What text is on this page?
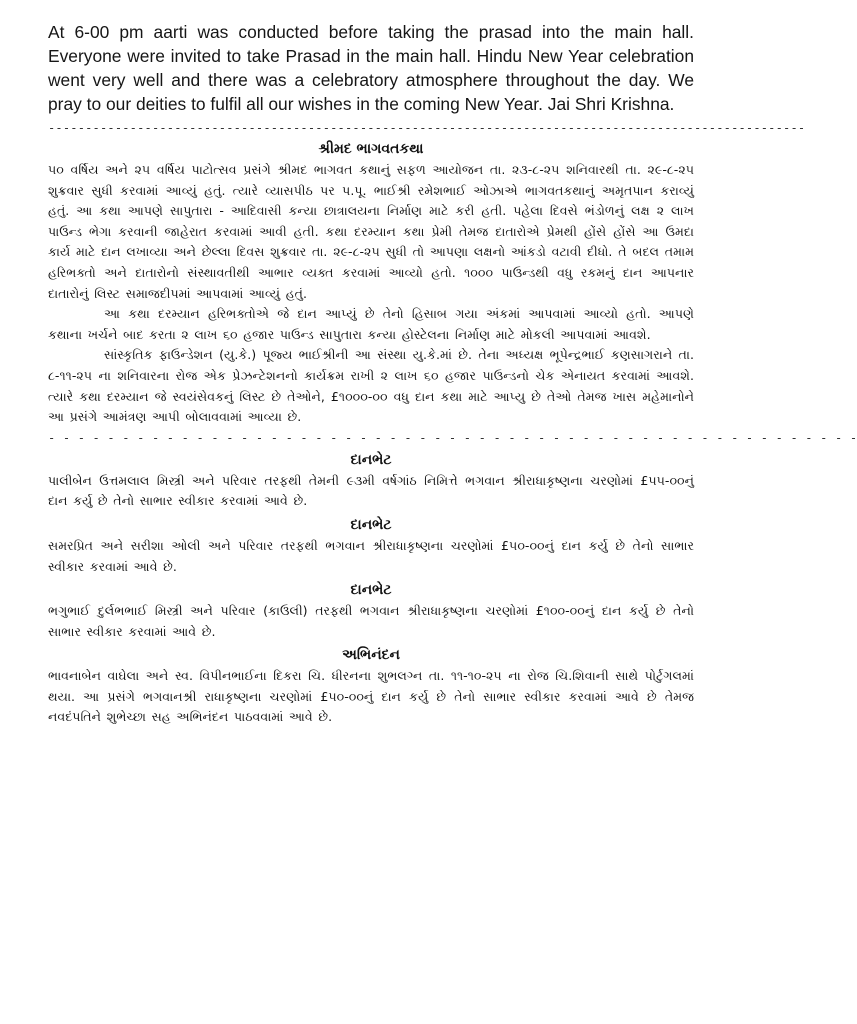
At 6-00 pm aarti was conducted before taking the prasad into the main hall. Everyone were invited to take Prasad in the main hall. Hindu New Year celebration went very well and there was a celebratory atmosphere throughout the day. We pray to our deities to fulfil all our wishes in the coming New Year. Jai Shri Krishna.
------------------------------------------------------------------------------------------------------
શ્રીમદ ભાગવતકથા

૫૦ વર્ષિય અને ૨૫ વર્ષિય પાટોત્સવ પ્રસંગે શ્રીમદ ભાગવત કથાનું સફળ આયોજન તા. ૨૩-૮-૨૫ શનિવારથી તા. ૨૯-૮-૨૫ શુક્રવાર સુધી કરવામાં આવ્યું હતું. ત્યારે વ્યાસપીઠ પર પ.પૂ. ભાઈશ્રી રમેશભાઈ ઓઝાએ ભાગવતકથાનું અમૃતપાન કરાવ્યું હતું. આ કથા આપણે સાપુતારા - આદિવાસી કન્યા છાત્રાલયના નિર્માણ માટે કરી હતી. પહેલા દિવસે ભંડોળનું લક્ષ ૨ લાખ પાઉન્ડ ભેગા કરવાની જાહેરાત કરવામાં આવી હતી. કથા દરમ્યાન કથા પ્રેમી તેમજ દાતારોએ પ્રેમથી હોંસે હોંસે આ ઉમદા કાર્ય માટે દાન લખાવ્યા અને છેલ્લા દિવસ શુક્રવાર તા. ૨૯-૮-૨૫ સુધી તો આપણા લક્ષનો આંકડો વટાવી દીધો. તે બદલ તમામ હરિભક્તો અને દાતારોનો સંસ્થાવતીથી આભાર વ્યક્ત કરવામાં આવ્યો હતો. ૧૦૦૦ પાઉન્ડથી વધુ રકમનું દાન આપનાર દાતારોનું લિસ્ટ સમાજદીપમાં આપવામાં આવ્યું હતું.

આ કથા દરમ્યાન હરિભક્તોએ જે દાન આપ્યું છે તેનો હિસાબ ગયા અંકમાં આપવામાં આવ્યો હતો. આપણે કથાના ખર્ચને બાદ કરતા ૨ લાખ ૬૦ હજાર પાઉન્ડ સાપુતારા કન્યા હોસ્ટેલના નિર્માણ માટે મોકલી આપવામાં આવશે.

સાંસ્કૃતિક ફાઉન્ડેશન (યુ.કે.) પૂજ્ય ભાઈશ્રીની આ સંસ્થા યુ.કે.માં છે. તેના અધ્યક્ષ ભૂપેન્દ્રભાઈ કણસાગરાને તા. ૮-૧૧-૨૫ ના શનિવારના રોજ એક પ્રેઝન્ટેશનનો કાર્યક્રમ રાખી ૨ લાખ ૬૦ હજાર પાઉન્ડનો ચેક એનાયત કરવામાં આવશે. ત્યારે કથા દરમ્યાન જે સ્વયંસેવકનું લિસ્ટ છે તેઓને, £૧૦૦૦-૦૦ વધુ દાન કથા માટે આપ્યુ છે તેઓ તેમજ ખાસ મહેમાનોને આ પ્રસંગે આમંત્રણ આપી બોલાવવામાં આવ્યા છે.

- - - - - - - - - - - - - - - - - - - - - - - - - - - - - - - - - - - - - - - - - - - - - - - - - - - - - - -
દાનભેટ

પાલીબેન ઉત્તમલાલ મિસ્ત્રી અને પરિવાર તરફથી તેમની ૯૩મી વર્ષગાંઠ નિમિત્તે ભગવાન શ્રીરાધાકૃષ્ણના ચરણોમાં £૫૫-૦૦નું દાન કર્યુ છે તેનો સાભાર સ્વીકાર કરવામાં આવે છે.

દાનભેટ

સમરપ્રિત અને સરીશા ઓલી અને પરિવાર તરફથી ભગવાન શ્રીરાધાકૃષ્ણના ચરણોમાં £૫૦-૦૦નું દાન કર્યુ છે તેનો સાભાર સ્વીકાર કરવામાં આવે છે.

દાનભેટ

ભગુભાઈ દુર્લભભાઈ મિસ્ત્રી અને પરિવાર (કાઉલી) તરફથી ભગવાન શ્રીરાધાકૃષ્ણના ચરણોમાં £૧૦૦-૦૦નું દાન કર્યુ છે તેનો સાભાર સ્વીકાર કરવામાં આવે છે.

અભિનંદન

ભાવનાબેન વાઘેલા અને સ્વ. વિપીનભાઈના દિકરા ચિ. ધીરનના શુભલગ્ન તા. ૧૧-૧૦-૨૫ ના રોજ ચિ.શિવાની સાથે પોર્ટુગલમાં થયા. આ પ્રસંગે ભગવાનશ્રી રાધાકૃષ્ણના ચરણોમાં £૫૦-૦૦નું દાન કર્યુ છે તેનો સાભાર સ્વીકાર કરવામાં આવે છે તેમજ નવદંપતિને શુભેચ્છા સહ અભિનંદન પાઠવવામાં આવે છે.
